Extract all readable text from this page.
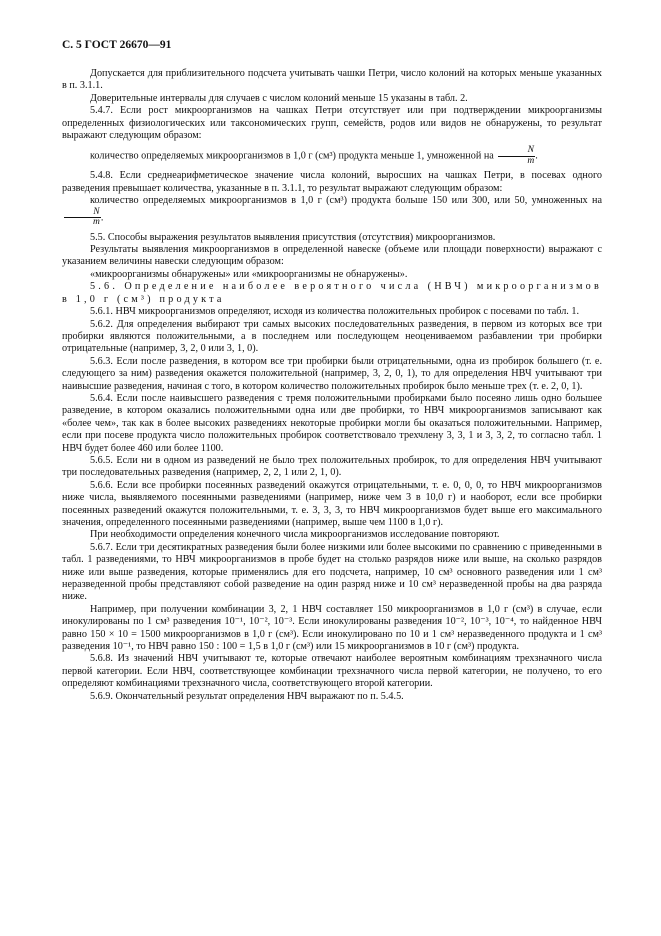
С. 5 ГОСТ 26670—91

Допускается для приблизительного подсчета учитывать чашки Петри, число колоний на которых меньше указанных в п. 3.1.1.

Доверительные интервалы для случаев с числом колоний меньше 15 указаны в табл. 2.

5.4.7. Если рост микроорганизмов на чашках Петри отсутствует или при подтверждении микроорганизмы определенных физиологических или таксономических групп, семейств, родов или видов не обнаружены, то результат выражают следующим образом:

количество определяемых микроорганизмов в 1,0 г (см³) продукта меньше 1, умноженной на $\frac{N}{m}$ .

5.4.8. Если среднеарифметическое значение числа колоний, выросших на чашках Петри, в посевах одного разведения превышает количества, указанные в п. 3.1.1, то результат выражают следующим образом:

количество определяемых микроорганизмов в 1,0 г (см³) продукта больше 150 или 300, или 50, умноженных на
$\frac{N}{m}$ .

5.5. Способы выражения результатов выявления присутствия (отсутствия) микроорганизмов.

Результаты выявления микроорганизмов в определенной навеске (объеме или площади поверхности) выражают с указанием величины навески следующим образом:

«микроорганизмы обнаружены» или «микроорганизмы не обнаружены».

5.6. Определение наиболее вероятного числа (НВЧ) микроорганизмов в 1,0 г (см³) продукта

5.6.1. НВЧ микроорганизмов определяют, исходя из количества положительных пробирок с посевами по табл. 1.

5.6.2. Для определения выбирают три самых высоких последовательных разведения, в первом из которых все три пробирки являются положительными, а в последнем или последующем неоцениваемом разбавлении три пробирки отрицательные (например, 3, 2, 0 или 3, 1, 0).

5.6.3. Если после разведения, в котором все три пробирки были отрицательными, одна из пробирок большего (т. е. следующего за ним) разведения окажется положительной (например, 3, 2, 0, 1), то для определения НВЧ учитывают три наивысшие разведения, начиная с того, в котором количество положительных пробирок было меньше трех (т. е. 2, 0, 1).

5.6.4. Если после наивысшего разведения с тремя положительными пробирками было посеяно лишь одно большее разведение, в котором оказались положительными одна или две пробирки, то НВЧ микроорганизмов записывают как «более чем», так как в более высоких разведениях некоторые пробирки могли бы оказаться положительными. Например, если при посеве продукта число положительных пробирок соответствовало трехчлену 3, 3, 1 и 3, 3, 2, то согласно табл. 1 НВЧ будет более 460 или более 1100.

5.6.5. Если ни в одном из разведений не было трех положительных пробирок, то для определения НВЧ учитывают три последовательных разведения (например, 2, 2, 1 или 2, 1, 0).

5.6.6. Если все пробирки посеянных разведений окажутся отрицательными, т. е. 0, 0, 0, то НВЧ микроорганизмов ниже числа, выявляемого посеянными разведениями (например, ниже чем 3 в 10,0 г) и наоборот, если все пробирки посеянных разведений окажутся положительными, т. е. 3, 3, 3, то НВЧ микроорганизмов будет выше его максимального значения, определенного посеянными разведениями (например, выше чем 1100 в 1,0 г).

При необходимости определения конечного числа микроорганизмов исследование повторяют.

5.6.7. Если три десятикратных разведения были более низкими или более высокими по сравнению с приведенными в табл. 1 разведениями, то НВЧ микроорганизмов в пробе будет на столько разрядов ниже или выше, на сколько разрядов ниже или выше разведения, которые применялись для его подсчета, например, 10 см³ основного разведения или 1 см³ неразведенной пробы представляют собой разведение на один разряд ниже и 10 см³ неразведенной пробы на два разряда ниже.

Например, при получении комбинации 3, 2, 1 НВЧ составляет 150 микроорганизмов в 1,0 г (см³) в случае, если инокулированы по 1 см³ разведения 10⁻¹, 10⁻², 10⁻³. Если инокулированы разведения 10⁻², 10⁻³, 10⁻⁴, то найденное НВЧ равно 150 × 10 = 1500 микроорганизмов в 1,0 г (см³). Если инокулировано по 10 и 1 см³ неразведенного продукта и 1 см³ разведения 10⁻¹, то НВЧ равно 150 : 100 = 1,5 в 1,0 г (см³) или 15 микроорганизмов в 10 г (см³) продукта.

5.6.8. Из значений НВЧ учитывают те, которые отвечают наиболее вероятным комбинациям трехзначного числа первой категории. Если НВЧ, соответствующее комбинации трехзначного числа первой категории, не получено, то его определяют комбинациями трехзначного числа, соответствующего второй категории.

5.6.9. Окончательный результат определения НВЧ выражают по п. 5.4.5.
